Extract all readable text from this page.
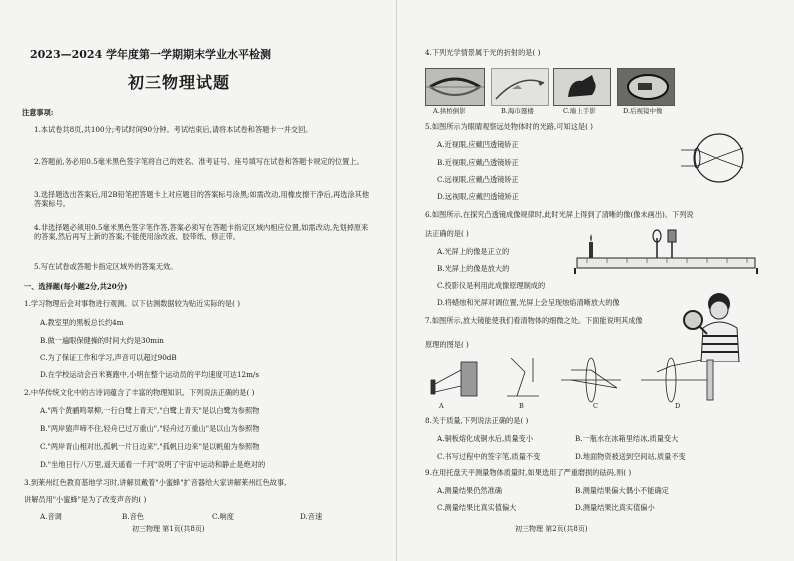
2023—2024 学年度第一学期期末学业水平检测
初三物理试题
注意事项:
1.本试卷共8页,共100分;考试时间90分钟。考试结束后,请将本试卷和答题卡一并交回。
2.答题前,务必用0.5毫米黑色签字笔将自己的姓名、准考证号、座号填写在试卷和答题卡规定的位置上。
3.选择题选出答案后,用2B铅笔把答题卡上对应题目的答案标号涂黑;如需改动,用橡皮擦干净后,再选涂其他答案标号。
4.非选择题必须用0.5毫米黑色签字笔作答,答案必须写在答题卡指定区域内相应位置,如需改动,先划掉原来的答案,然后再写上新的答案;不能使用涂改液、胶带纸、修正带。
5.写在试卷或答题卡指定区域外的答案无效。
一、选择题(每小题2分,共20分)
1.学习物理后会对事物进行观测。以下估测数据较为贴近实际的是( )
A.教室里的黑板总长约4m
B.做一遍眼保健操的时间大约是30min
C.为了保证工作和学习,声音可以超过90dB
D.在学校运动会百米赛跑中,小明在整个运动员的平均速度可达12m/s
2.中华传统文化中的古诗词蕴含了丰富的物理知识。下列说法正确的是( )
A."两个黄鹂鸣翠柳,一行白鹭上青天","白鹭上青天"是以白鹭为参照物
B."两岸猿声啼不住,轻舟已过万重山","轻舟过万重山"是以山为参照物
C."两岸青山相对出,孤帆一片日边来","孤帆日边来"是以帆船为参照物
D."坐地日行八万里,遥天遥看一千河"说明了宇宙中运动和静止是绝对的
3.到莱州红色教育基地学习时,讲解员戴着"小蜜蜂"扩音器给大家讲解莱州红色故事,
讲解员用"小蜜蜂"是为了改变声音的( )
A.音调	B.音色	C.响度	D.音速
初三物理 第1页(共8页)
4.下列光学情景属于光的折射的是( )
A.拱桥倒影	B.海市蜃楼	C.墙上手影	D.后视镜中像
5.如图所示为眼睛观察远处物体时的光路,可知这是( )
A.近视眼,应戴凹透镜矫正
B.近视眼,应戴凸透镜矫正
C.远视眼,应戴凸透镜矫正
D.远视眼,应戴凹透镜矫正
6.如图所示,在探究凸透镜成像规律时,此时光屏上得到了清晰的像(像未画出)。下列说
法正确的是( )
A.光屏上的像是正立的
B.光屏上的像是放大的
C.投影仪是利用此成像原理制成的
D.将蜡烛和光屏对调位置,光屏上会呈现烛焰清晰放大的像
7.如图所示,放大镜能使我们看清物体的细微之处。下面能说明其成像
原理的图是( )
A	B	C	D
8.关于质量,下列说法正确的是( )
A.铜板熔化成铜水后,质量变小	B.一瓶水在冰箱里结冰,质量变大
C.书写过程中的签字笔,质量不变	D.地面物资被送到空间站,质量不变
9.在用托盘天平测量物体质量时,如果选用了严重磨损的砝码,则( )
A.测量结果仍然准确	B.测量结果偏大偶小不能确定
C.测量结果比真实值偏大	D.测量结果比真实值偏小
初三物理 第2页(共8页)
